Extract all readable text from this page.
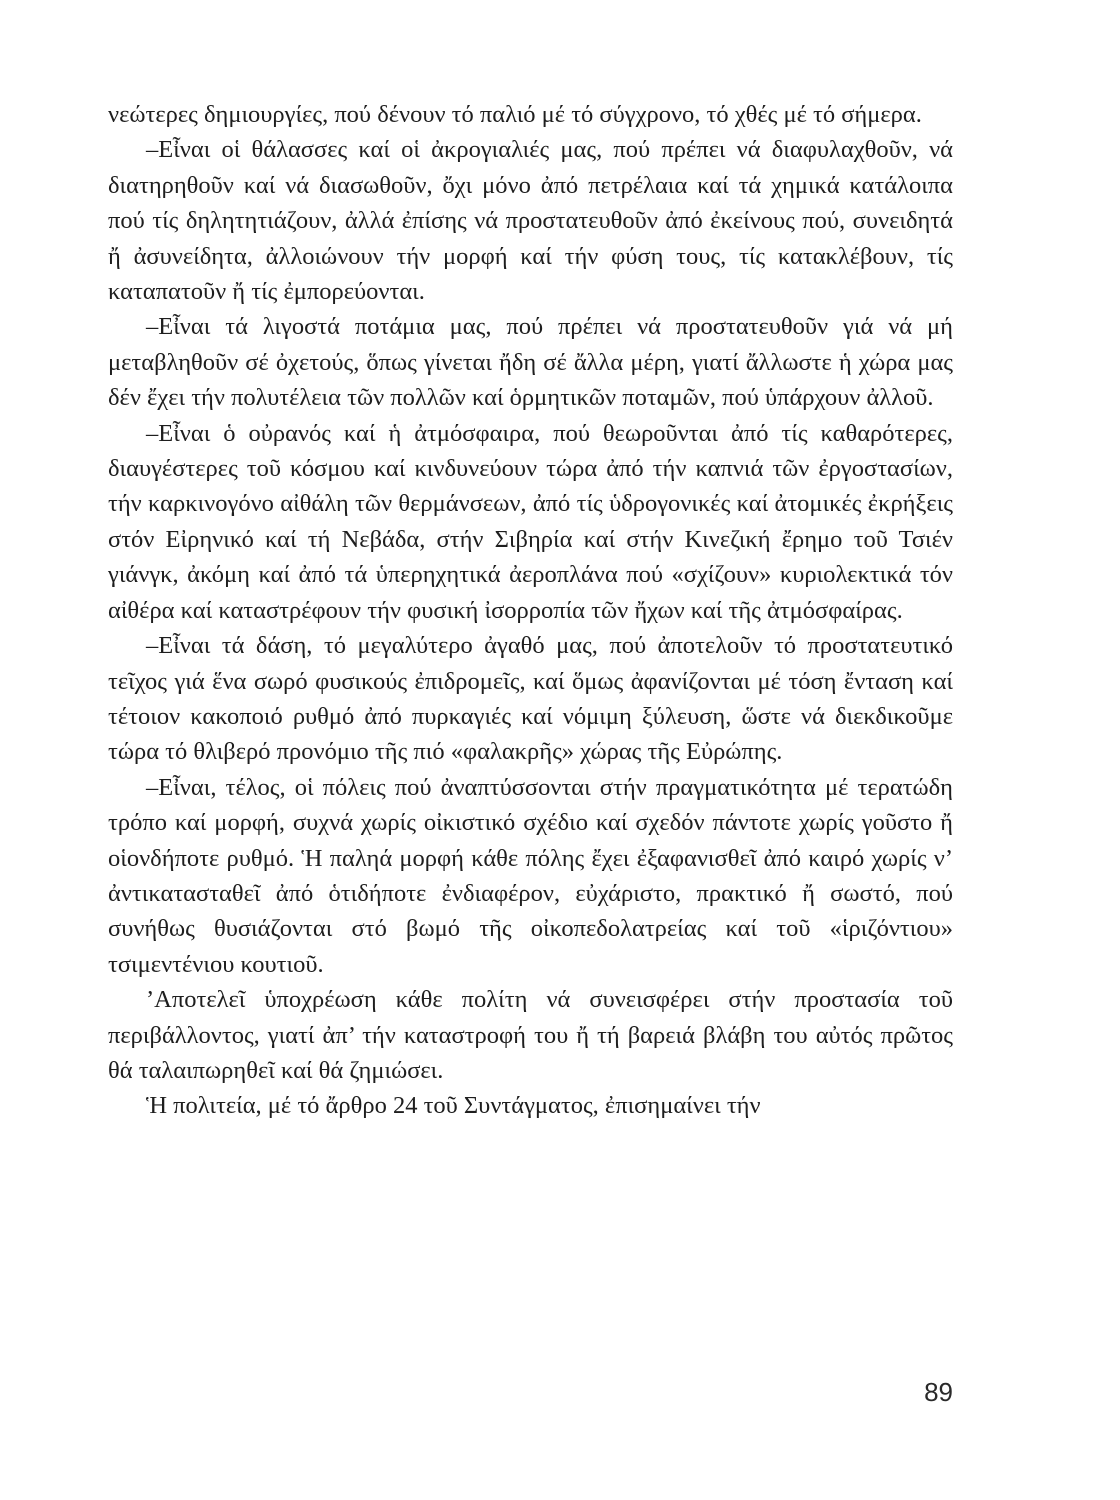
νεώτερες δημιουργίες, πού δένουν τό παλιό μέ τό σύγχρονο, τό χθές μέ τό σήμερα.

–Εἶναι οἱ θάλασσες καί οἱ ἀκρογιαλιές μας, πού πρέπει νά διαφυλαχθοῦν, νά διατηρηθοῦν καί νά διασωθοῦν, ὄχι μόνο ἀπό πετρέλαια καί τά χημικά κατάλοιπα πού τίς δηλητητιάζουν, ἀλλά ἐπίσης νά προστατευθοῦν ἀπό ἐκείνους πού, συνειδητά ἤ ἀσυνείδητα, ἀλλοιώνουν τήν μορφή καί τήν φύση τους, τίς κατακλέβουν, τίς καταπατοῦν ἤ τίς ἐμπορεύονται.

–Εἶναι τά λιγοστά ποτάμια μας, πού πρέπει νά προστατευθοῦν γιά νά μή μεταβληθοῦν σέ ὀχετούς, ὅπως γίνεται ἤδη σέ ἄλλα μέρη, γιατί ἄλλωστε ἡ χώρα μας δέν ἔχει τήν πολυτέλεια τῶν πολλῶν καί ὁρμητικῶν ποταμῶν, πού ὑπάρχουν ἀλλοῦ.

–Εἶναι ὁ οὐρανός καί ἡ ἀτμόσφαιρα, πού θεωροῦνται ἀπό τίς καθαρότερες, διαυγέστερες τοῦ κόσμου καί κινδυνεύουν τώρα ἀπό τήν καπνιά τῶν ἐργοστασίων, τήν καρκινογόνο αἰθάλη τῶν θερμάνσεων, ἀπό τίς ὑδρογονικές καί ἀτομικές ἐκρήξεις στόν Εἰρηνικό καί τή Νεβάδα, στήν Σιβηρία καί στήν Κινεζική ἔρημο τοῦ Τσιέν γιάνγκ, ἀκόμη καί ἀπό τά ὑπερηχητικά ἀεροπλάνα πού «σχίζουν» κυριολεκτικά τόν αἰθέρα καί καταστρέφουν τήν φυσική ἰσορροπία τῶν ἤχων καί τῆς ἀτμόσφαίρας.

–Εἶναι τά δάση, τό μεγαλύτερο ἀγαθό μας, πού ἀποτελοῦν τό προστατευτικό τεῖχος γιά ἕνα σωρό φυσικούς ἐπιδρομεῖς, καί ὅμως ἀφανίζονται μέ τόση ἔνταση καί τέτοιον κακοποιό ρυθμό ἀπό πυρκαγιές καί νόμιμη ξύλευση, ὥστε νά διεκδικοῦμε τώρα τό θλιβερό προνόμιο τῆς πιό «φαλακρῆς» χώρας τῆς Εὐρώπης.

–Εἶναι, τέλος, οἱ πόλεις πού ἀναπτύσσονται στήν πραγματικότητα μέ τερατώδη τρόπο καί μορφή, συχνά χωρίς οἰκιστικό σχέδιο καί σχεδόν πάντοτε χωρίς γοῦστο ἤ οἱονδήποτε ρυθμό. Ἡ παληά μορφή κάθε πόλης ἔχει ἐξαφανισθεῖ ἀπό καιρό χωρίς ν’ ἀντικατασταθεῖ ἀπό ὁτιδήποτε ἐνδιαφέρον, εὐχάριστο, πρακτικό ἤ σωστό, πού συνήθως θυσιάζονται στό βωμό τῆς οἰκοπεδολατρείας καί τοῦ «ἱριζόντιου» τσιμεντένιου κουτιοῦ.

’Αποτελεῖ ὑποχρέωση κάθε πολίτη νά συνεισφέρει στήν προστασία τοῦ περιβάλλοντος, γιατί ἀπ’ τήν καταστροφή του ἤ τή βαρειά βλάβη του αὐτός πρῶτος θά ταλαιπωρηθεῖ καί θά ζημιώσει.

Ἡ πολιτεία, μέ τό ἄρθρο 24 τοῦ Συντάγματος, ἐπισημαίνει τήν

89
